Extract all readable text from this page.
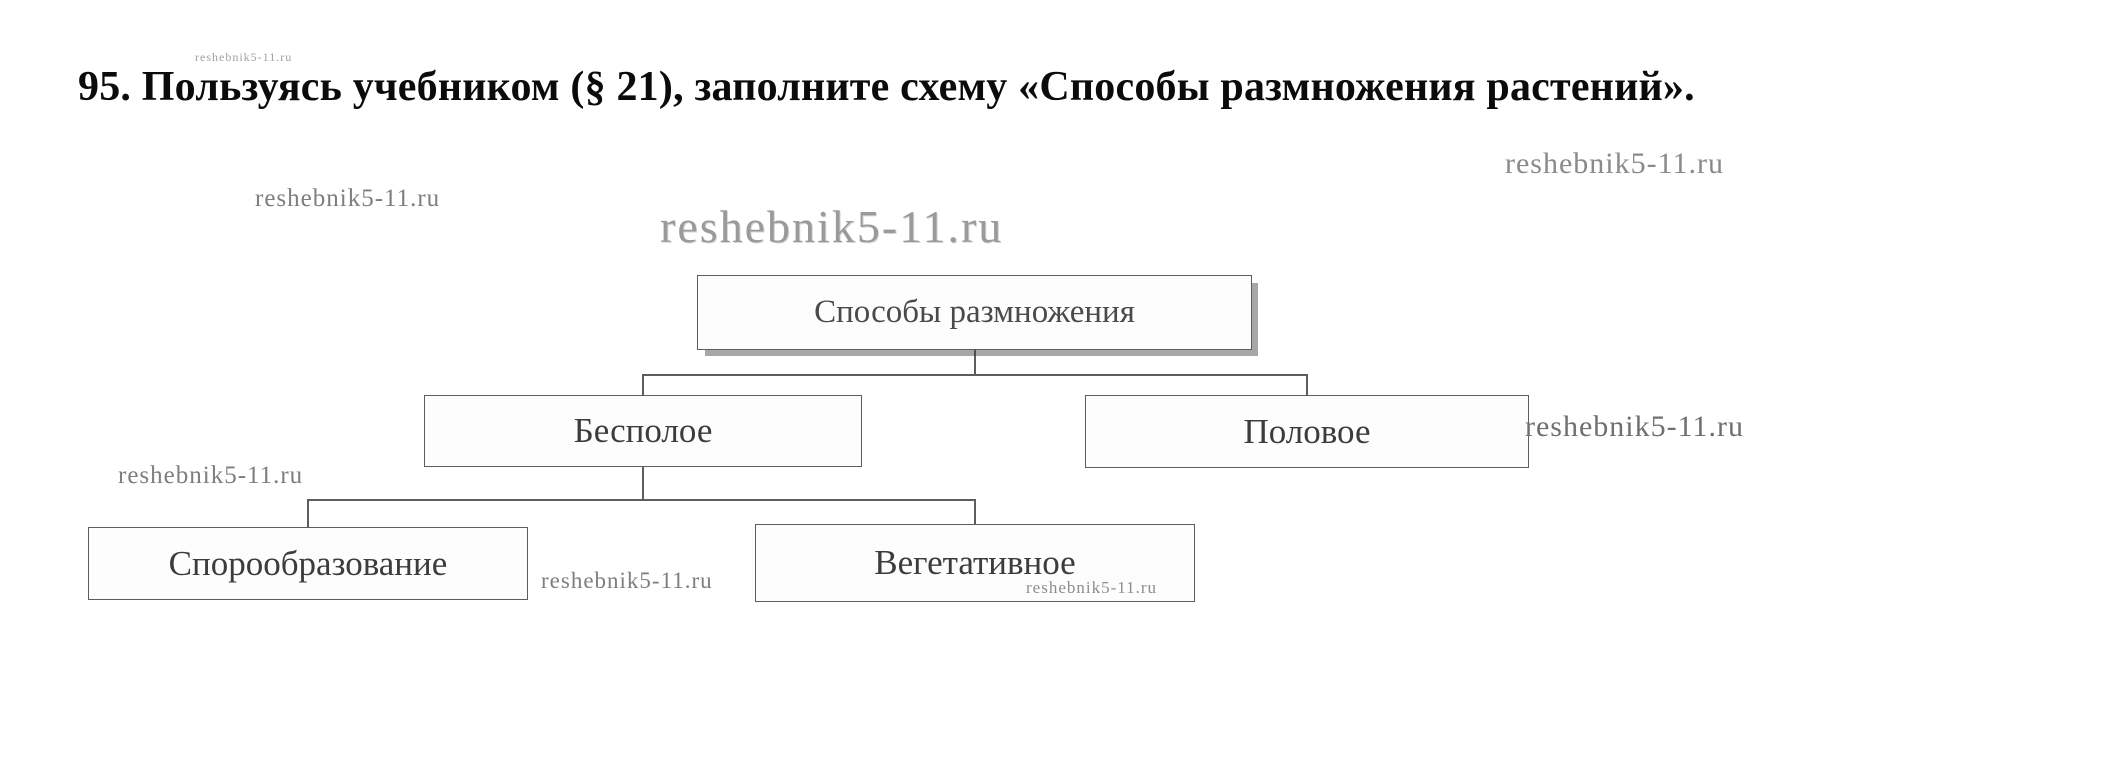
95. Пользуясь учебником (§ 21), заполните схему «Способы размножения растений».
Способы размножения
Бесполое	Половое
Спорообразование	Вегетативное
reshebnik5-11.ru
reshebnik5-11.ru
reshebnik5-11.ru
reshebnik5-11.ru
reshebnik5-11.ru
reshebnik5-11.ru	reshebnik5-11.ru
reshebnik5-11.ru
